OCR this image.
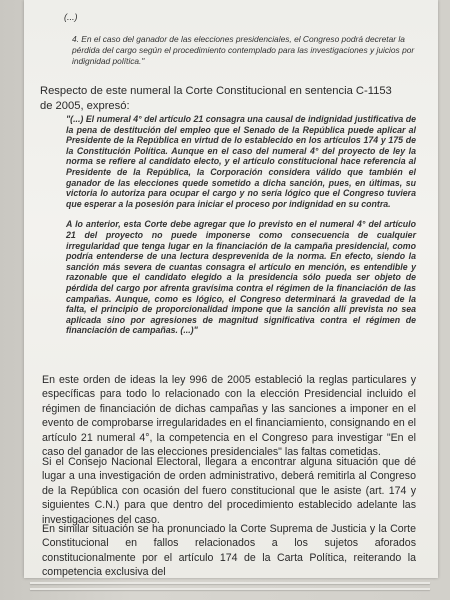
(...)
4. En el caso del ganador de las elecciones presidenciales, el Congreso podrá decretar la pérdida del cargo según el procedimiento contemplado para las investigaciones y juicios por indignidad política."
Respecto de este numeral la Corte Constitucional en sentencia C-1153 de 2005, expresó:

"(...) El numeral 4° del artículo 21 consagra una causal de indignidad justificativa de la pena de destitución del empleo que el Senado de la República puede aplicar al Presidente de la República en virtud de lo establecido en los artículos 174 y 175 de la Constitución Política. Aunque en el caso del numeral 4° del proyecto de ley la norma se refiere al candidato electo, y el artículo constitucional hace referencia al Presidente de la República, la Corporación considera válido que también el ganador de las elecciones quede sometido a dicha sanción, pues, en últimas, su victoria lo autoriza para ocupar el cargo y no sería lógico que el Congreso tuviera que esperar a la posesión para iniciar el proceso por indignidad en su contra.

A lo anterior, esta Corte debe agregar que lo previsto en el numeral 4° del artículo 21 del proyecto no puede imponerse como consecuencia de cualquier irregularidad que tenga lugar en la financiación de la campaña presidencial, como podría entenderse de una lectura desprevenida de la norma. En efecto, siendo la sanción más severa de cuantas consagra el artículo en mención, es entendible y razonable que el candidato elegido a la presidencia sólo pueda ser objeto de pérdida del cargo por afrenta gravísima contra el régimen de la financiación de las campañas. Aunque, como es lógico, el Congreso determinará la gravedad de la falta, el principio de proporcionalidad impone que la sanción allí prevista no sea aplicada sino por agresiones de magnitud significativa contra el régimen de financiación de campañas. (...)"

En este orden de ideas la ley 996 de 2005 estableció la reglas particulares y específicas para todo lo relacionado con la elección Presidencial incluido el régimen de financiación de dichas campañas y las sanciones a imponer en el evento de comprobarse irregularidades en el financiamiento, consignando en el artículo 21 numeral 4°, la competencia en el Congreso para investigar "En el caso del ganador de las elecciones presidenciales" las faltas cometidas.
Si el Consejo Nacional Electoral, llegara a encontrar alguna situación que dé lugar a una investigación de orden administrativo, deberá remitirla al Congreso de la República con ocasión del fuero constitucional que le asiste (art. 174 y siguientes C.N.) para que dentro del procedimiento establecido adelante las investigaciones del caso.
En similar situación se ha pronunciado la Corte Suprema de Justicia y la Corte Constitucional en fallos relacionados a los sujetos aforados constitucionalmente por el artículo 174 de la Carta Política, reiterando la competencia exclusiva del
